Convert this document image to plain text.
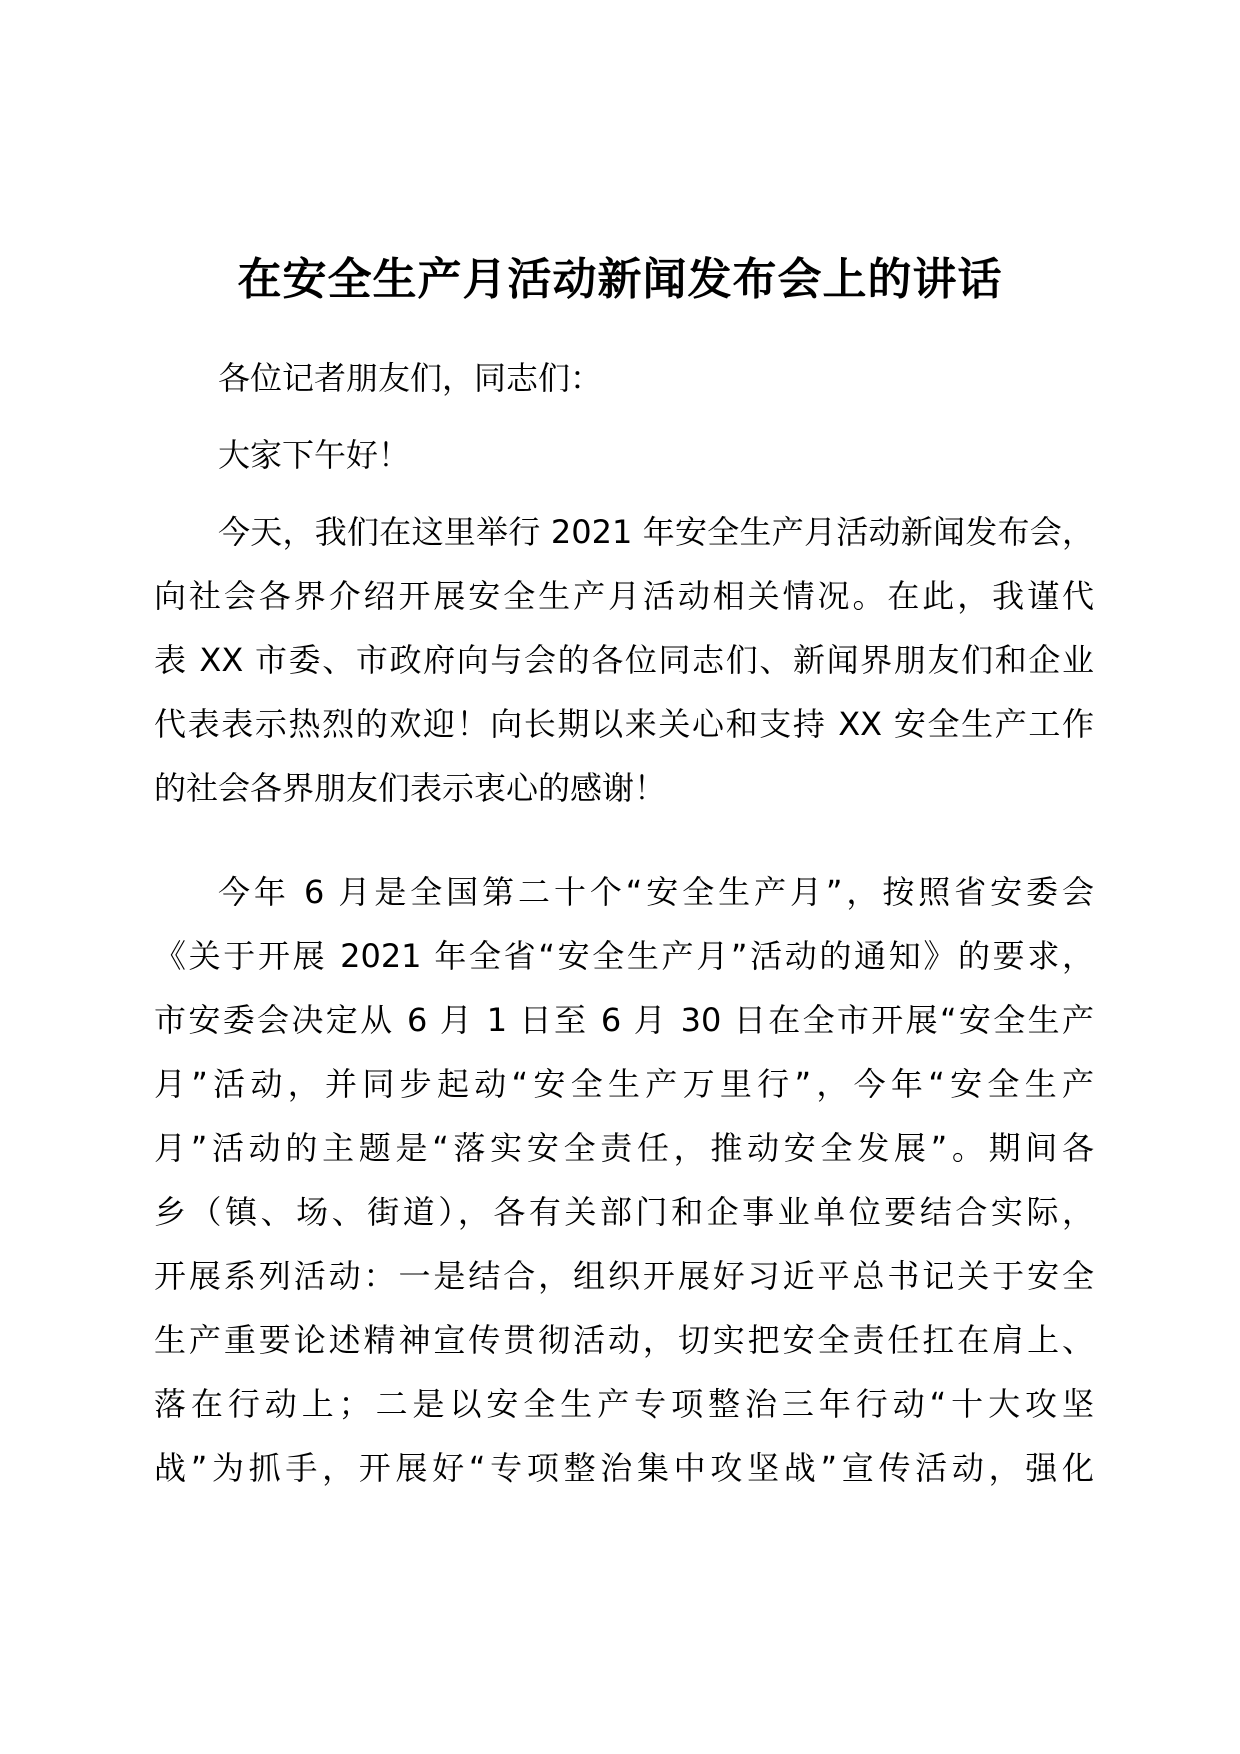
在安全生产月活动新闻发布会上的讲话
各位记者朋友们，同志们：
大家下午好！
今天，我们在这里举行 2021 年安全生产月活动新闻发布会，
向社会各界介绍开展安全生产月活动相关情况。在此，我谨代
表 XX 市委、市政府向与会的各位同志们、新闻界朋友们和企业
代表表示热烈的欢迎！向长期以来关心和支持 XX 安全生产工作
的社会各界朋友们表示衷心的感谢！
今年 6 月是全国第二十个“安全生产月”，按照省安委会
《关于开展 2021 年全省“安全生产月”活动的通知》的要求，
市安委会决定从 6 月 1 日至 6 月 30 日在全市开展“安全生产
月”活动，并同步起动“安全生产万里行”，今年“安全生产
月”活动的主题是“落实安全责任，推动安全发展”。期间各
乡（镇、场、街道），各有关部门和企事业单位要结合实际，
开展系列活动：一是结合，组织开展好习近平总书记关于安全
生产重要论述精神宣传贯彻活动，切实把安全责任扛在肩上、
落在行动上；二是以安全生产专项整治三年行动“十大攻坚
战”为抓手，开展好“专项整治集中攻坚战”宣传活动，强化
